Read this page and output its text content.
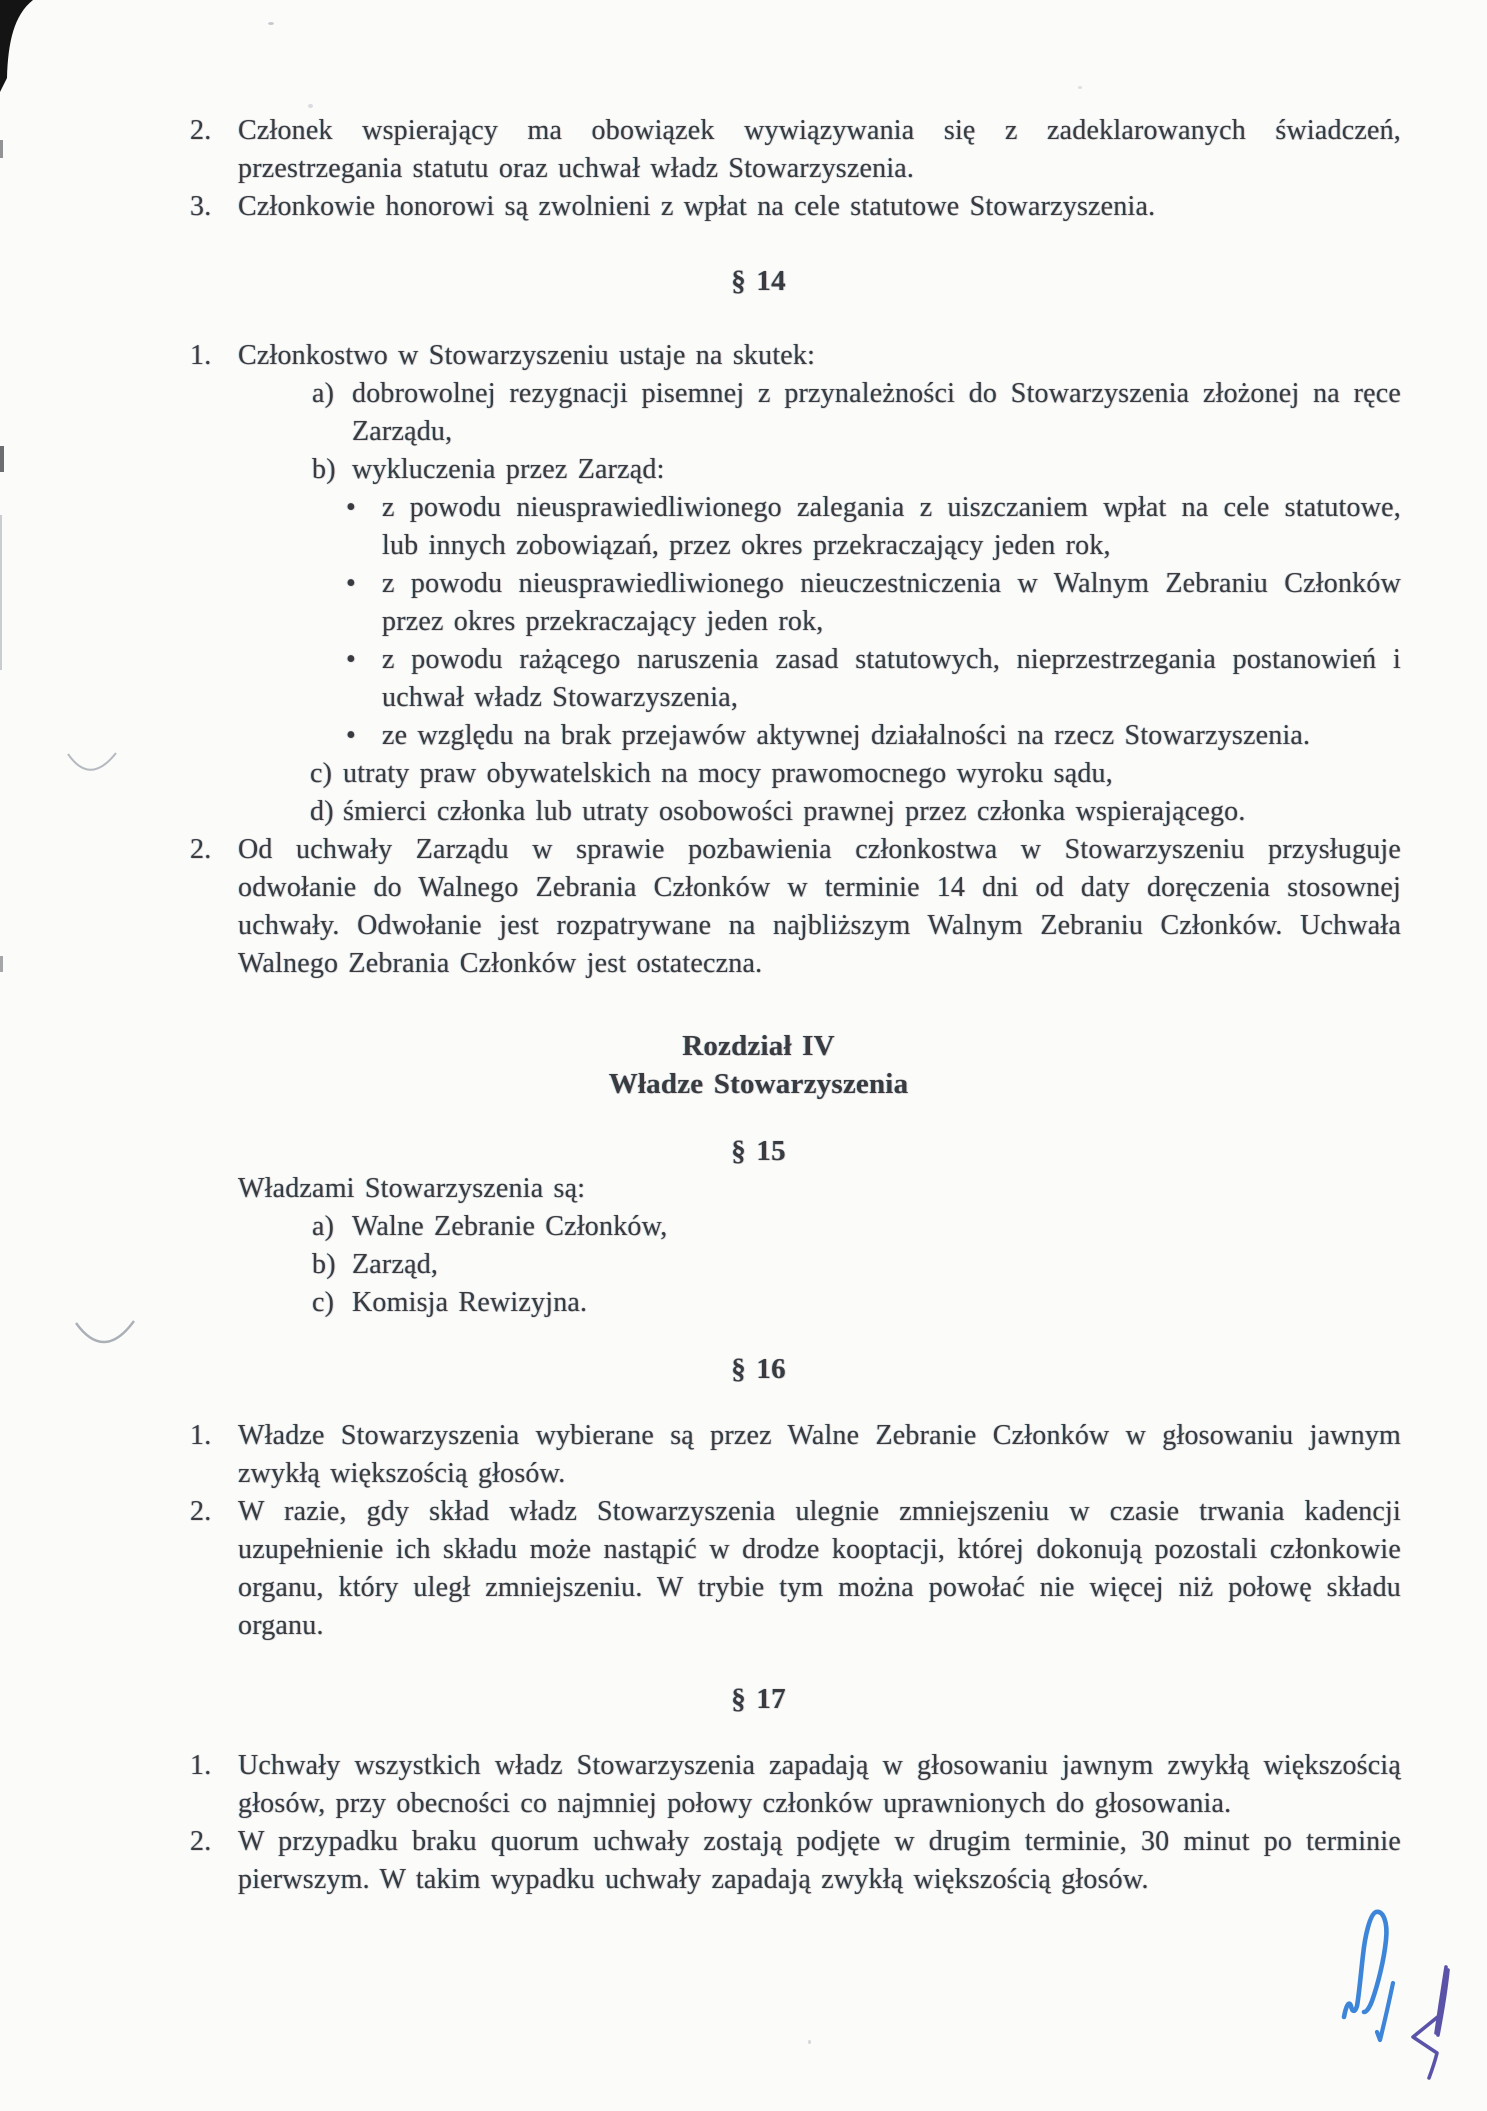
2. Członek wspierający ma obowiązek wywiązywania się z zadeklarowanych świadczeń, przestrzegania statutu oraz uchwał władz Stowarzyszenia.
3. Członkowie honorowi są zwolnieni z wpłat na cele statutowe Stowarzyszenia.
§ 14
1. Członkostwo w Stowarzyszeniu ustaje na skutek:
a) dobrowolnej rezygnacji pisemnej z przynależności do Stowarzyszenia złożonej na ręce Zarządu,
b) wykluczenia przez Zarząd:
• z powodu nieusprawiedliwionego zalegania z uiszczaniem wpłat na cele statutowe, lub innych zobowiązań, przez okres przekraczający jeden rok,
• z powodu nieusprawiedliwionego nieuczestniczenia w Walnym Zebraniu Członków przez okres przekraczający jeden rok,
• z powodu rażącego naruszenia zasad statutowych, nieprzestrzegania postanowień i uchwał władz Stowarzyszenia,
• ze względu na brak przejawów aktywnej działalności na rzecz Stowarzyszenia.
c) utraty praw obywatelskich na mocy prawomocnego wyroku sądu,
d) śmierci członka lub utraty osobowości prawnej przez członka wspierającego.
2. Od uchwały Zarządu w sprawie pozbawienia członkostwa w Stowarzyszeniu przysługuje odwołanie do Walnego Zebrania Członków w terminie 14 dni od daty doręczenia stosownej uchwały. Odwołanie jest rozpatrywane na najbliższym Walnym Zebraniu Członków. Uchwała Walnego Zebrania Członków jest ostateczna.
Rozdział IV
Władze Stowarzyszenia
§ 15
Władzami Stowarzyszenia są:
a) Walne Zebranie Członków,
b) Zarząd,
c) Komisja Rewizyjna.
§ 16
1. Władze Stowarzyszenia wybierane są przez Walne Zebranie Członków w głosowaniu jawnym zwykłą większością głosów.
2. W razie, gdy skład władz Stowarzyszenia ulegnie zmniejszeniu w czasie trwania kadencji uzupełnienie ich składu może nastąpić w drodze kooptacji, której dokonują pozostali członkowie organu, który uległ zmniejszeniu. W trybie tym można powołać nie więcej niż połowę składu organu.
§ 17
1. Uchwały wszystkich władz Stowarzyszenia zapadają w głosowaniu jawnym zwykłą większością głosów, przy obecności co najmniej połowy członków uprawnionych do głosowania.
2. W przypadku braku quorum uchwały zostają podjęte w drugim terminie, 30 minut po terminie pierwszym. W takim wypadku uchwały zapadają zwykłą większością głosów.
